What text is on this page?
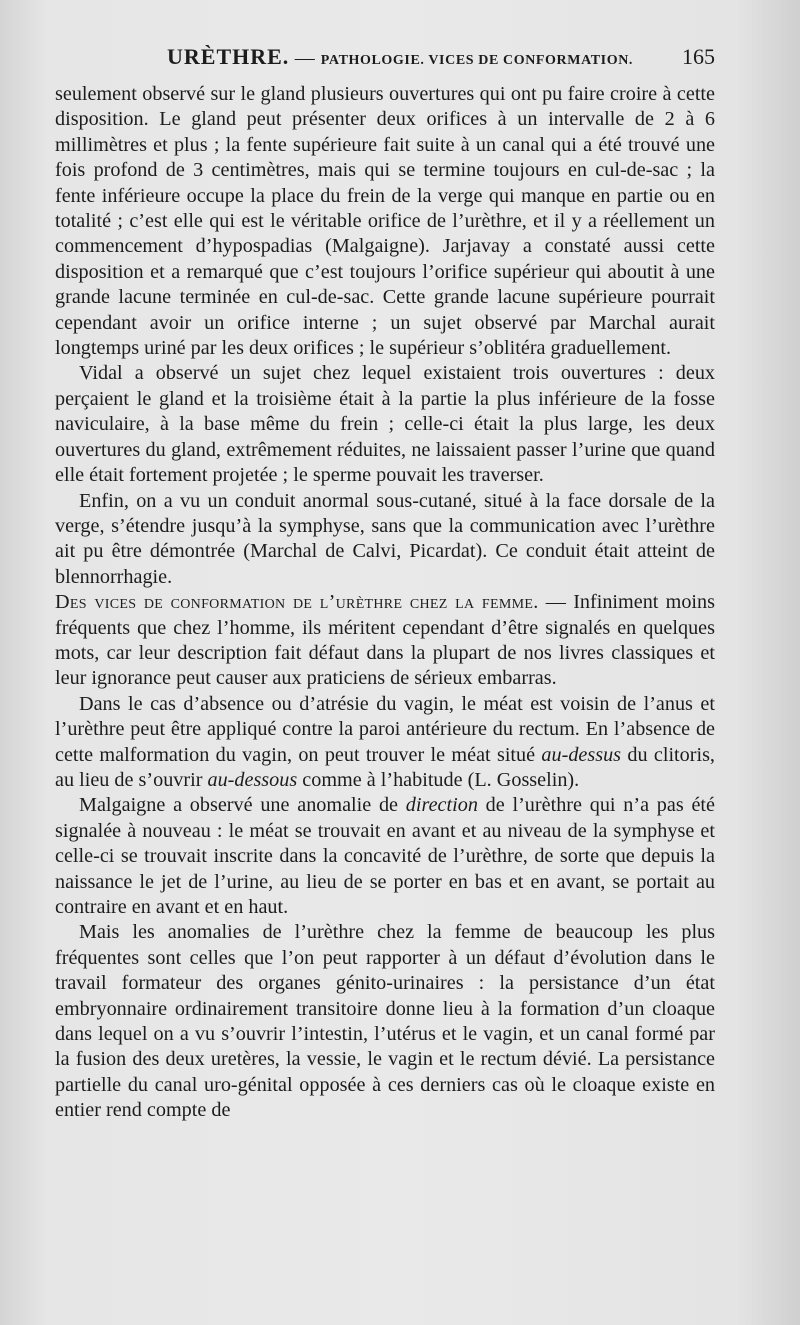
URÈTHRE. — PATHOLOGIE. VICES DE CONFORMATION. 165

seulement observé sur le gland plusieurs ouvertures qui ont pu faire croire à cette disposition. Le gland peut présenter deux orifices à un intervalle de 2 à 6 millimètres et plus ; la fente supérieure fait suite à un canal qui a été trouvé une fois profond de 3 centimètres, mais qui se termine toujours en cul-de-sac ; la fente inférieure occupe la place du frein de la verge qui manque en partie ou en totalité ; c’est elle qui est le véritable orifice de l’urèthre, et il y a réellement un commencement d’hypospadias (Malgaigne). Jarjavay a constaté aussi cette disposition et a remarqué que c’est toujours l’orifice supérieur qui aboutit à une grande lacune terminée en cul-de-sac. Cette grande lacune supérieure pourrait cependant avoir un orifice interne ; un sujet observé par Marchal aurait longtemps uriné par les deux orifices ; le supérieur s’oblitéra graduellement.

Vidal a observé un sujet chez lequel existaient trois ouvertures : deux perçaient le gland et la troisième était à la partie la plus inférieure de la fosse naviculaire, à la base même du frein ; celle-ci était la plus large, les deux ouvertures du gland, extrêmement réduites, ne laissaient passer l’urine que quand elle était fortement projetée ; le sperme pouvait les traverser.

Enfin, on a vu un conduit anormal sous-cutané, situé à la face dorsale de la verge, s’étendre jusqu’à la symphyse, sans que la communication avec l’urèthre ait pu être démontrée (Marchal de Calvi, Picardat). Ce conduit était atteint de blennorrhagie.

Des vices de conformation de l’urèthre chez la femme. — Infiniment moins fréquents que chez l’homme, ils méritent cependant d’être signalés en quelques mots, car leur description fait défaut dans la plupart de nos livres classiques et leur ignorance peut causer aux praticiens de sérieux embarras.

Dans le cas d’absence ou d’atrésie du vagin, le méat est voisin de l’anus et l’urèthre peut être appliqué contre la paroi antérieure du rectum. En l’absence de cette malformation du vagin, on peut trouver le méat situé au-dessus du clitoris, au lieu de s’ouvrir au-dessous comme à l’habitude (L. Gosselin).

Malgaigne a observé une anomalie de direction de l’urèthre qui n’a pas été signalée à nouveau : le méat se trouvait en avant et au niveau de la symphyse et celle-ci se trouvait inscrite dans la concavité de l’urèthre, de sorte que depuis la naissance le jet de l’urine, au lieu de se porter en bas et en avant, se portait au contraire en avant et en haut.

Mais les anomalies de l’urèthre chez la femme de beaucoup les plus fréquentes sont celles que l’on peut rapporter à un défaut d’évolution dans le travail formateur des organes génito-urinaires : la persistance d’un état embryonnaire ordinairement transitoire donne lieu à la formation d’un cloaque dans lequel on a vu s’ouvrir l’intestin, l’utérus et le vagin, et un canal formé par la fusion des deux uretères, la vessie, le vagin et le rectum dévié. La persistance partielle du canal uro-génital opposée à ces derniers cas où le cloaque existe en entier rend compte de
